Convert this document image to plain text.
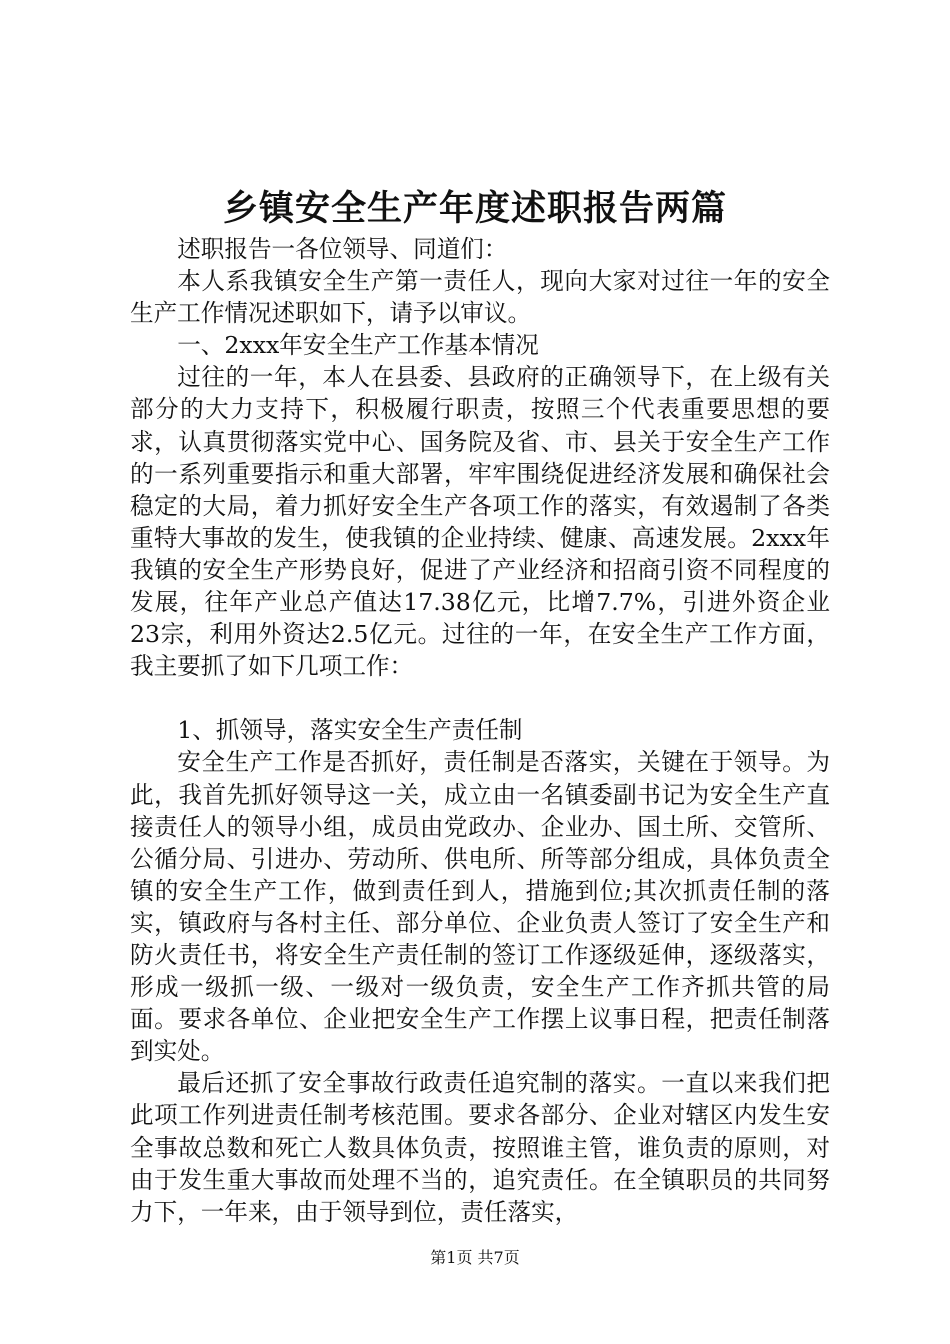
乡镇安全生产年度述职报告两篇

述职报告一各位领导、同道们：

本人系我镇安全生产第一责任人，现向大家对过往一年的安全生产工作情况述职如下，请予以审议。

一、2xxx年安全生产工作基本情况

过往的一年，本人在县委、县政府的正确领导下，在上级有关部分的大力支持下，积极履行职责，按照三个代表重要思想的要求，认真贯彻落实党中心、国务院及省、市、县关于安全生产工作的一系列重要指示和重大部署，牢牢围绕促进经济发展和确保社会稳定的大局，着力抓好安全生产各项工作的落实，有效遏制了各类重特大事故的发生，使我镇的企业持续、健康、高速发展。2xxx年我镇的安全生产形势良好，促进了产业经济和招商引资不同程度的发展，往年产业总产值达17.38亿元，比增7.7%，引进外资企业23宗，利用外资达2.5亿元。过往的一年，在安全生产工作方面，我主要抓了如下几项工作：

1、抓领导，落实安全生产责任制

安全生产工作是否抓好，责任制是否落实，关键在于领导。为此，我首先抓好领导这一关，成立由一名镇委副书记为安全生产直接责任人的领导小组，成员由党政办、企业办、国土所、交管所、公循分局、引进办、劳动所、供电所、所等部分组成，具体负责全镇的安全生产工作，做到责任到人，措施到位;其次抓责任制的落实，镇政府与各村主任、部分单位、企业负责人签订了安全生产和防火责任书，将安全生产责任制的签订工作逐级延伸，逐级落实，形成一级抓一级、一级对一级负责，安全生产工作齐抓共管的局面。要求各单位、企业把安全生产工作摆上议事日程，把责任制落到实处。

最后还抓了安全事故行政责任追究制的落实。一直以来我们把此项工作列进责任制考核范围。要求各部分、企业对辖区内发生安全事故总数和死亡人数具体负责，按照谁主管，谁负责的原则，对由于发生重大事故而处理不当的，追究责任。在全镇职员的共同努力下，一年来，由于领导到位，责任落实，

第1页 共7页
